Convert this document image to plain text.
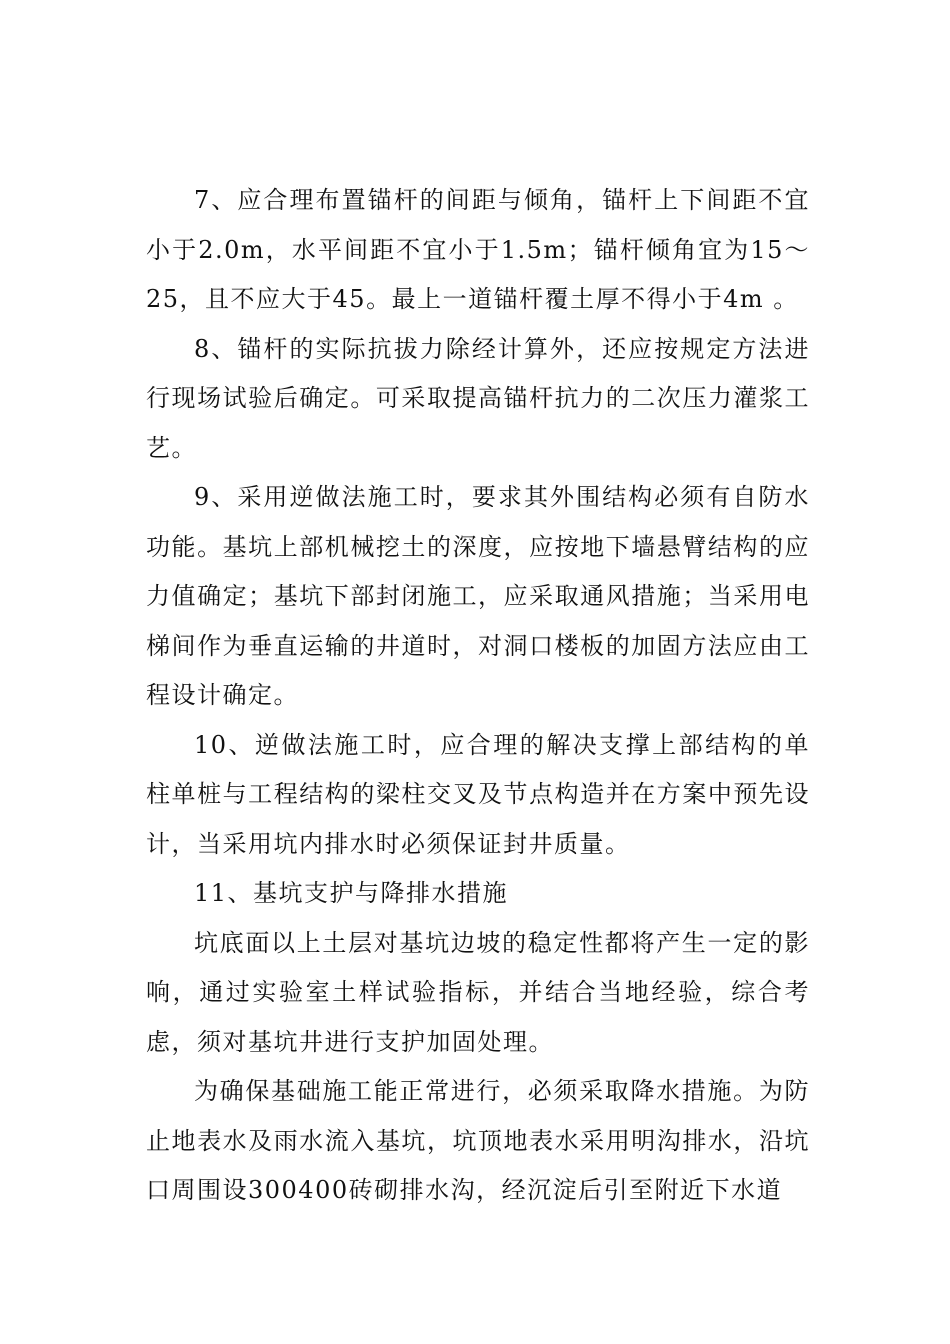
7、应合理布置锚杆的间距与倾角，锚杆上下间距不宜小于2.0m，水平间距不宜小于1.5m；锚杆倾角宜为15～25，且不应大于45。最上一道锚杆覆土厚不得小于4m 。

8、锚杆的实际抗拔力除经计算外，还应按规定方法进行现场试验后确定。可采取提高锚杆抗力的二次压力灌浆工艺。

9、采用逆做法施工时，要求其外围结构必须有自防水功能。基坑上部机械挖土的深度，应按地下墙悬臂结构的应力值确定；基坑下部封闭施工，应采取通风措施；当采用电梯间作为垂直运输的井道时，对洞口楼板的加固方法应由工程设计确定。

10、逆做法施工时，应合理的解决支撑上部结构的单柱单桩与工程结构的梁柱交叉及节点构造并在方案中预先设计，当采用坑内排水时必须保证封井质量。

11、基坑支护与降排水措施

坑底面以上土层对基坑边坡的稳定性都将产生一定的影响，通过实验室土样试验指标，并结合当地经验，综合考虑，须对基坑井进行支护加固处理。

为确保基础施工能正常进行，必须采取降水措施。为防止地表水及雨水流入基坑，坑顶地表水采用明沟排水，沿坑口周围设300400砖砌排水沟，经沉淀后引至附近下水道
